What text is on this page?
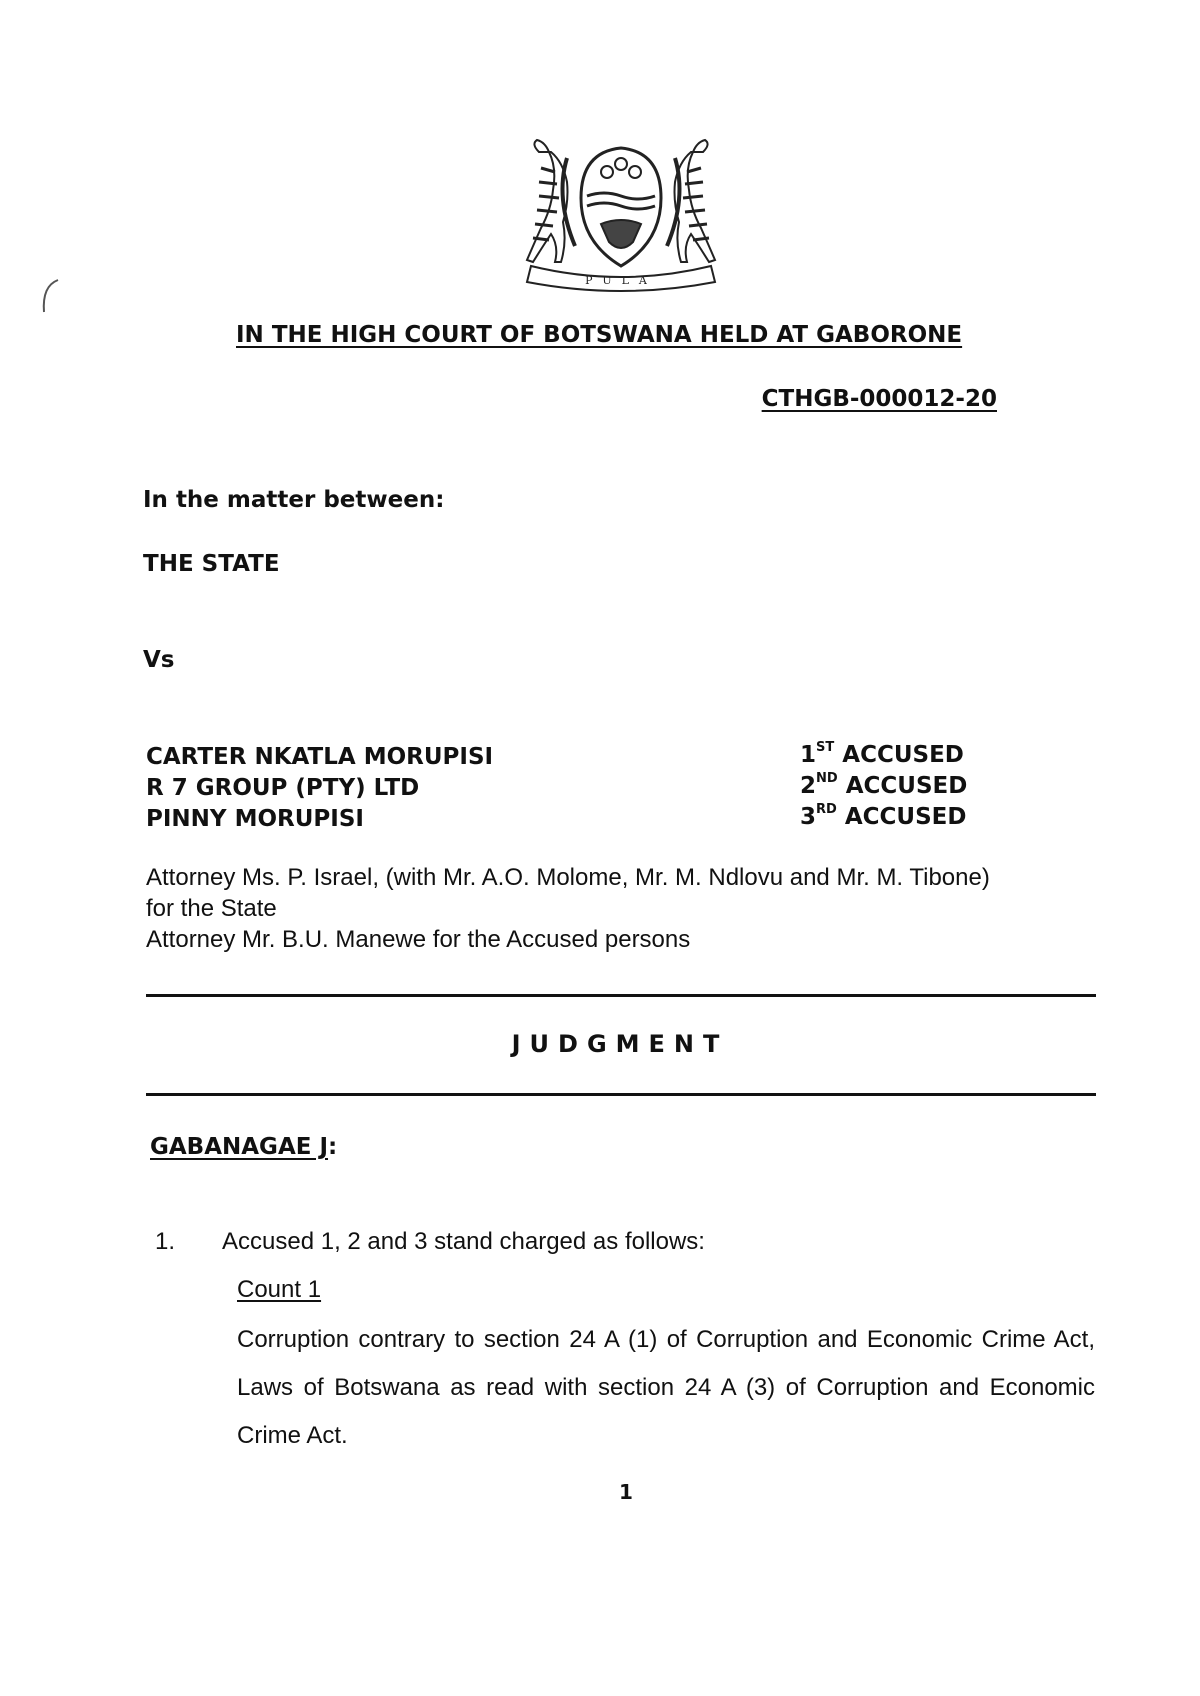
PULA
IN THE HIGH COURT OF BOTSWANA HELD AT GABORONE
CTHGB-000012-20
In the matter between:
THE STATE
Vs
CARTER NKATLA MORUPISI
R 7 GROUP (PTY) LTD
PINNY MORUPISI
1ST ACCUSED
2ND ACCUSED
3RD ACCUSED
Attorney Ms. P. Israel, (with Mr. A.O. Molome, Mr. M. Ndlovu and Mr. M. Tibone)
for the State
Attorney Mr. B.U. Manewe for the Accused persons
JUDGMENT
GABANAGAE J:
1. Accused 1, 2 and 3 stand charged as follows:
Count 1
Corruption contrary to section 24 A (1) of Corruption and Economic Crime Act, Laws of Botswana as read with section 24 A (3) of Corruption and Economic Crime Act.
1
